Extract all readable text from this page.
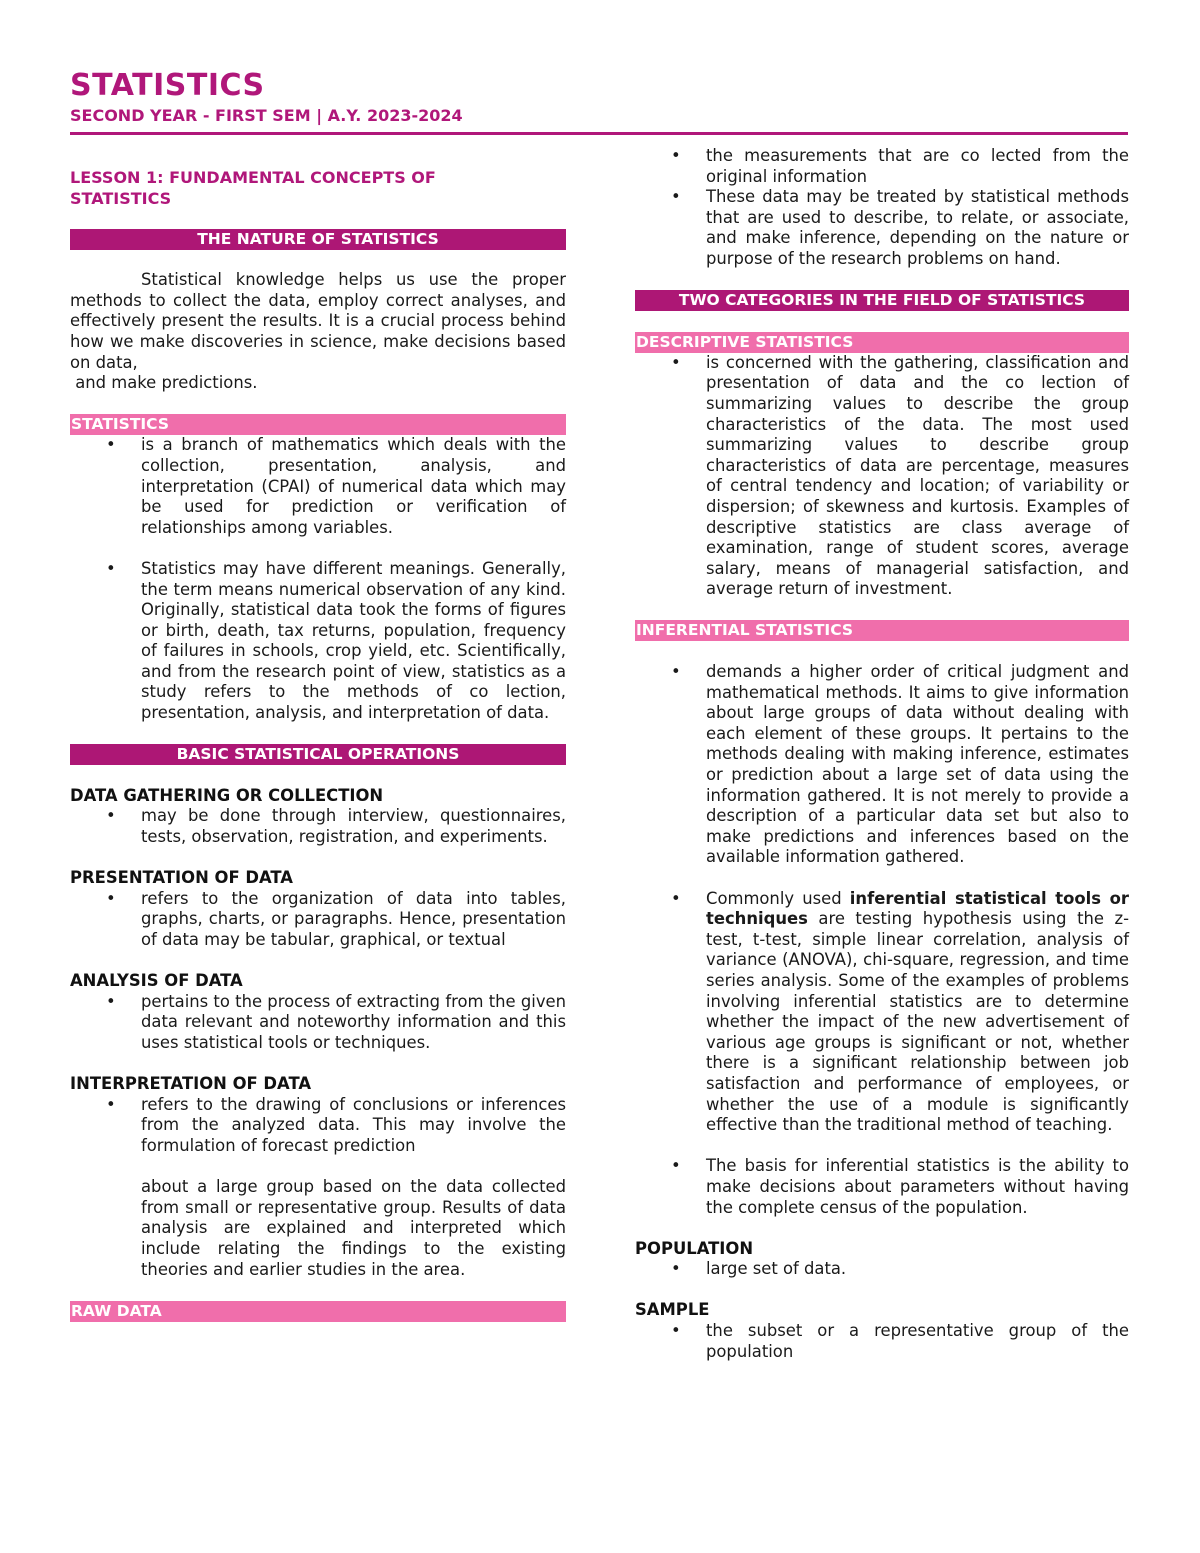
STATISTICS
SECOND YEAR - FIRST SEM | A.Y. 2023-2024

LESSON 1: FUNDAMENTAL CONCEPTS OF STATISTICS

THE NATURE OF STATISTICS

Statistical knowledge helps us use the proper methods to collect the data, employ correct analyses, and effectively present the results. It is a crucial process behind how we make discoveries in science, make decisions based on data,

and make predictions.

STATISTICS
• is a branch of mathematics which deals with the collection, presentation, analysis, and interpretation (CPAI) of numerical data which may be used for prediction or verification of relationships among variables.
• Statistics may have different meanings. Generally, the term means numerical observation of any kind. Originally, statistical data took the forms of figures or birth, death, tax returns, population, frequency of failures in schools, crop yield, etc. Scientifically, and from the research point of view, statistics as a study refers to the methods of co lection, presentation, analysis, and interpretation of data.
BASIC STATISTICAL OPERATIONS

DATA GATHERING OR COLLECTION

• may be done through interview, questionnaires, tests, observation, registration, and experiments.

PRESENTATION OF DATA

• refers to the organization of data into tables, graphs, charts, or paragraphs. Hence, presentation of data may be tabular, graphical, or textual

ANALYSIS OF DATA

• pertains to the process of extracting from the given data relevant and noteworthy information and this uses statistical tools or techniques.

INTERPRETATION OF DATA

• refers to the drawing of conclusions or inferences from the analyzed data. This may involve the formulation of forecast prediction

about a large group based on the data collected from small or representative group. Results of data analysis are explained and interpreted which include relating the findings to the existing theories and earlier studies in the area.

RAW DATA
• the measurements that are co lected from the original information
• These data may be treated by statistical methods that are used to describe, to relate, or associate, and make inference, depending on the nature or purpose of the research problems on hand.
TWO CATEGORIES IN THE FIELD OF STATISTICS
DESCRIPTIVE STATISTICS
• is concerned with the gathering, classification and presentation of data and the co lection of summarizing values to describe the group characteristics of the data. The most used summarizing values to describe group characteristics of data are percentage, measures of central tendency and location; of variability or dispersion; of skewness and kurtosis. Examples of descriptive statistics are class average of examination, range of student scores, average salary, means of managerial satisfaction, and average return of investment.
INFERENTIAL STATISTICS
• demands a higher order of critical judgment and mathematical methods. It aims to give information about large groups of data without dealing with each element of these groups. It pertains to the methods dealing with making inference, estimates or prediction about a large set of data using the information gathered. It is not merely to provide a description of a particular data set but also to make predictions and inferences based on the available information gathered.
• Commonly used inferential statistical tools or techniques are testing hypothesis using the z-test, t-test, simple linear correlation, analysis of variance (ANOVA), chi-square, regression, and time series analysis. Some of the examples of problems involving inferential statistics are to determine whether the impact of the new advertisement of various age groups is significant or not, whether there is a significant relationship between job satisfaction and performance of employees, or whether the use of a module is significantly effective than the traditional method of teaching.
• The basis for inferential statistics is the ability to make decisions about parameters without having the complete census of the population.

POPULATION

• large set of data.

SAMPLE

• the subset or a representative group of the population
